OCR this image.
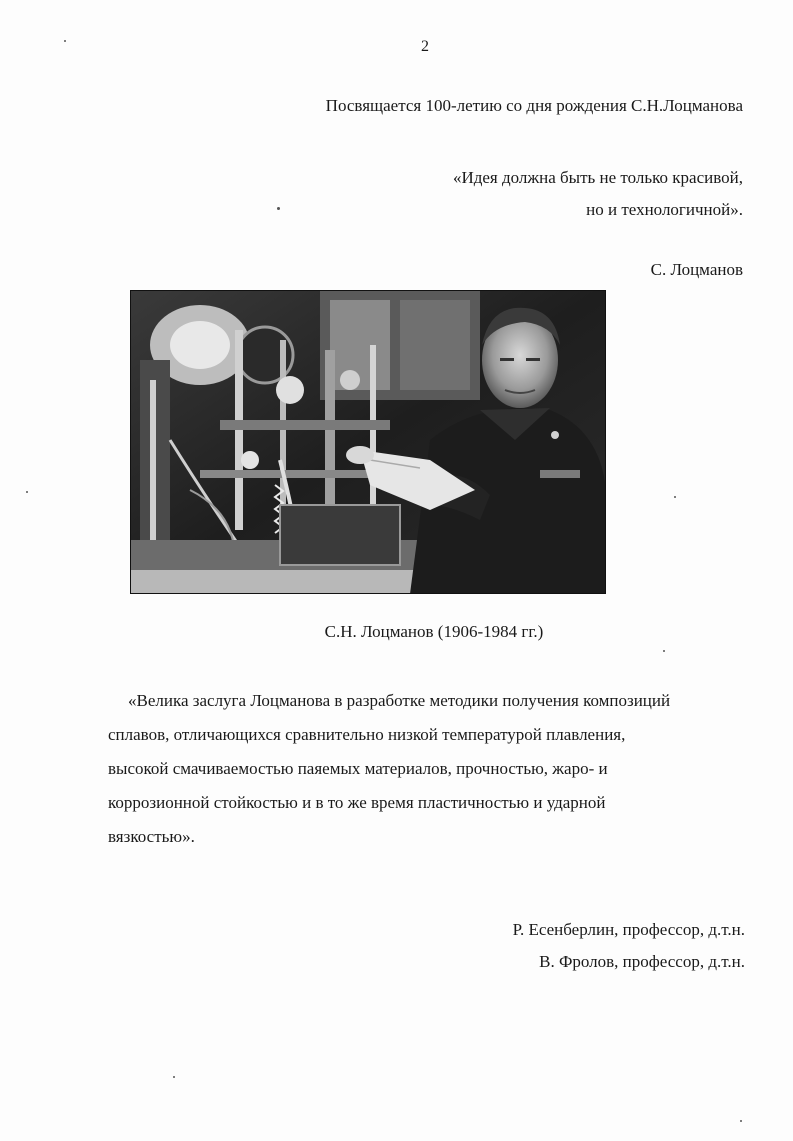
2
Посвящается 100-летию со дня рождения С.Н.Лоцманова
«Идея должна быть не только красивой,
но и технологичной».
С. Лоцманов
С.Н. Лоцманов (1906-1984 гг.)
«Велика заслуга Лоцманова в разработке методики получения композиций
сплавов, отличающихся сравнительно низкой температурой плавления,
высокой смачиваемостью паяемых материалов, прочностью, жаро- и
коррозионной стойкостью и в то же время пластичностью и ударной
вязкостью».
Р. Есенберлин, профессор, д.т.н.
В. Фролов, профессор, д.т.н.
